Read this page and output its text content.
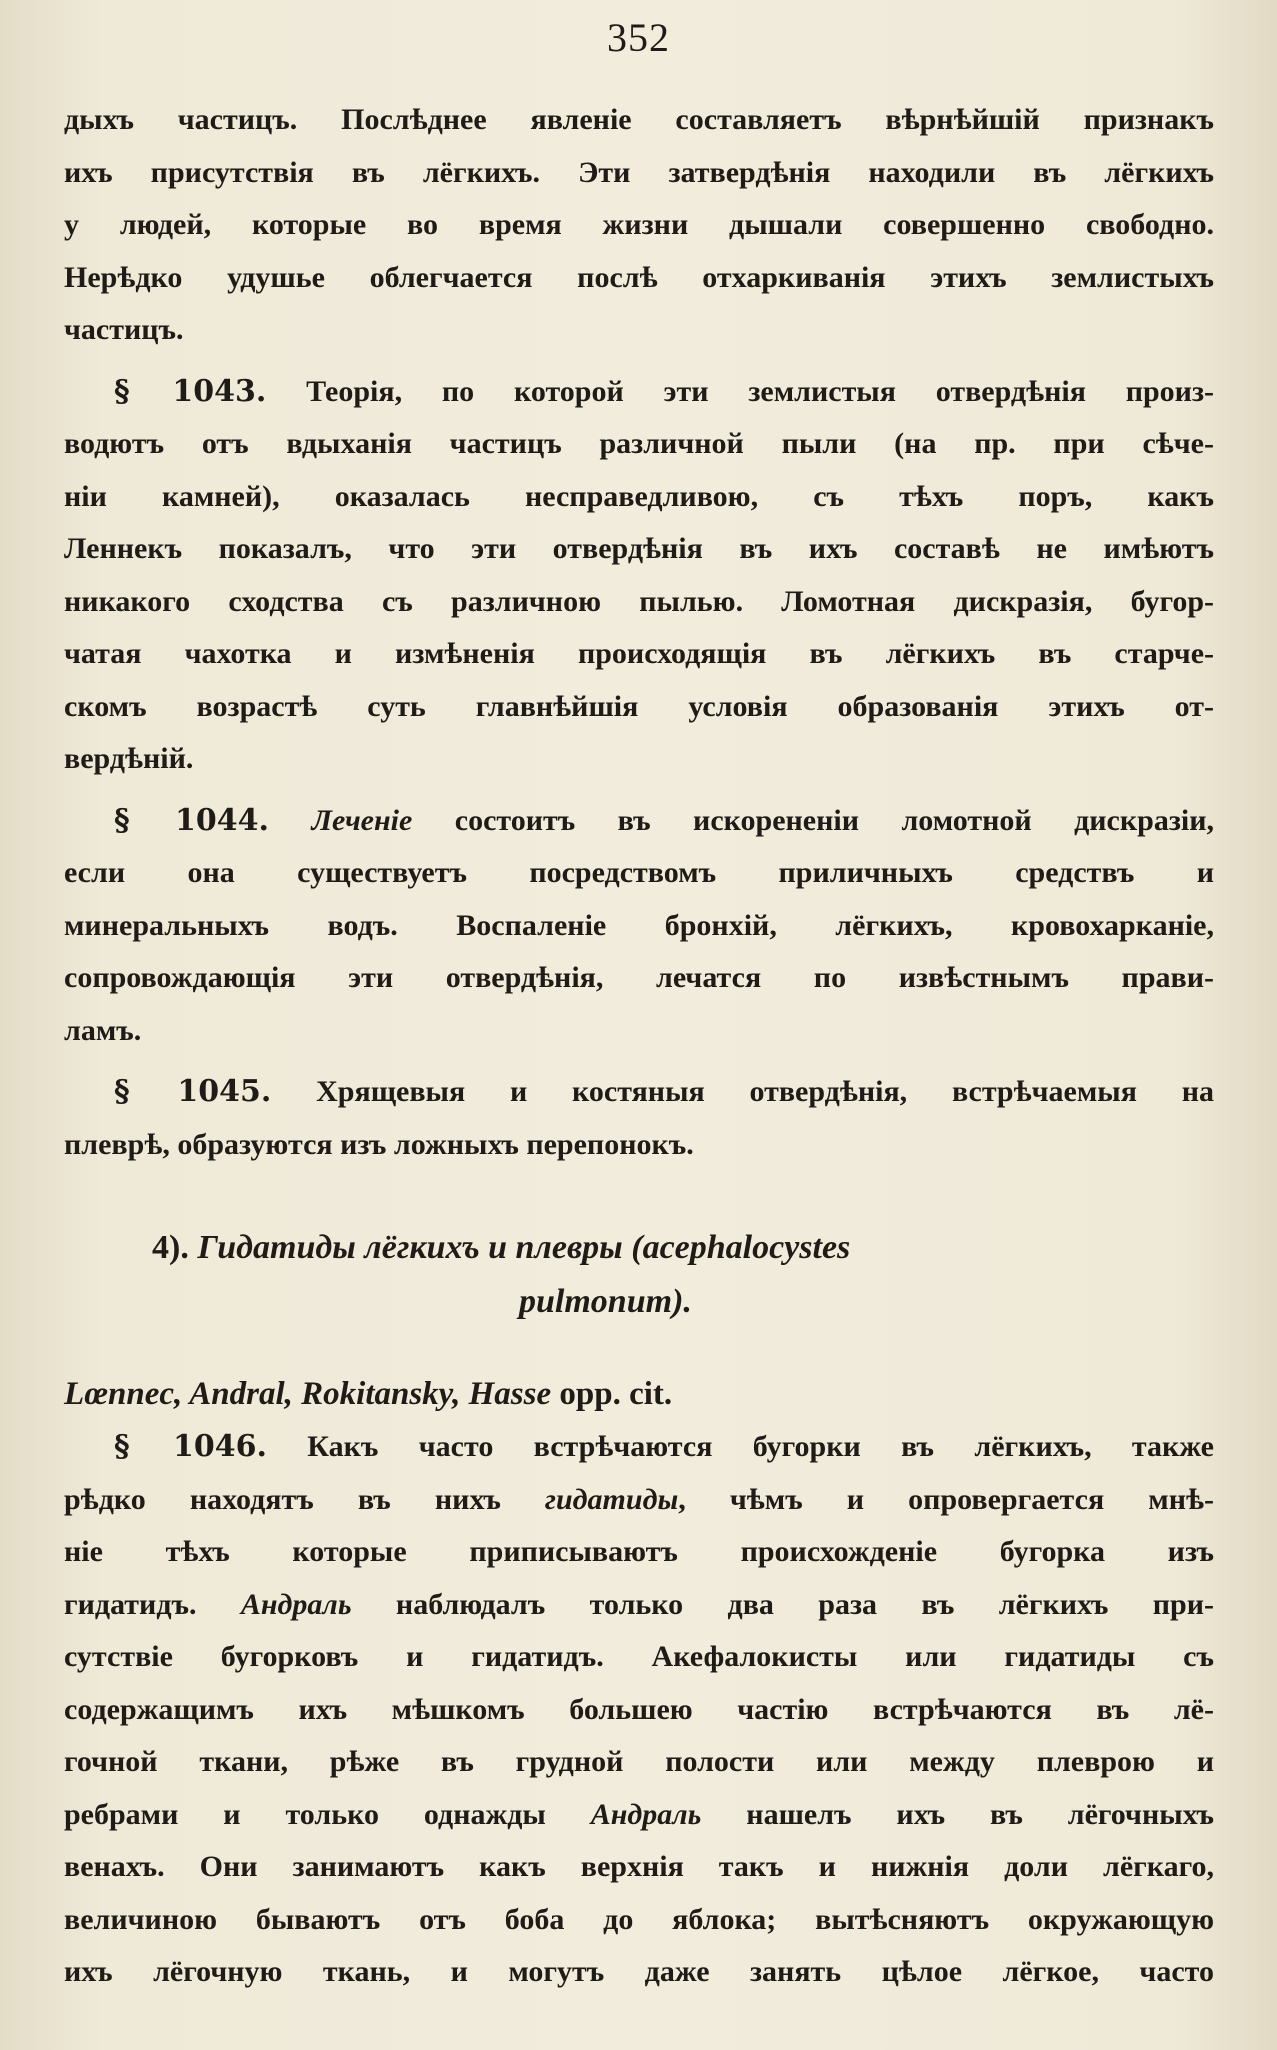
352
дыхъ частицъ. Послѣднее явленіе составляетъ вѣрнѣйшій признакъ
ихъ присутствія въ лёгкихъ. Эти затвердѣнія находили въ лёгкихъ
у людей, которые во время жизни дышали совершенно свободно.
Нерѣдко удушье облегчается послѣ отхаркиванія этихъ землистыхъ
частицъ.
§ 1043. Теорія, по которой эти землистыя отвердѣнія произ-
водютъ отъ вдыханія частицъ различной пыли (на пр. при сѣче-
ніи камней), оказалась несправедливою, съ тѣхъ поръ, какъ
Леннекъ показалъ, что эти отвердѣнія въ ихъ составѣ не имѣютъ
никакого сходства съ различною пылью. Ломотная дискразія, бугор-
чатая чахотка и измѣненія происходящія въ лёгкихъ въ старче-
скомъ возрастѣ суть главнѣйшія условія образованія этихъ от-
вердѣній.
§ 1044. Леченіе состоитъ въ искорененіи ломотной дискразіи,
если она существуетъ посредствомъ приличныхъ средствъ и
минеральныхъ водъ. Воспаленіе бронхій, лёгкихъ, кровохарканіе,
сопровождающія эти отвердѣнія, лечатся по извѣстнымъ прави-
ламъ.
§ 1045. Хрящевыя и костяныя отвердѣнія, встрѣчаемыя на
плеврѣ, образуются изъ ложныхъ перепонокъ.
4). Гидатиды лёгкихъ и плевры (acephalocystes
pulmonum).
Lœnnec, Andral, Rokitansky, Hasse opp. cit.
§ 1046. Какъ часто встрѣчаются бугорки въ лёгкихъ, также
рѣдко находятъ въ нихъ гидатиды, чѣмъ и опровергается мнѣ-
ніе тѣхъ которые приписываютъ происхожденіе бугорка изъ
гидатидъ. Андраль наблюдалъ только два раза въ лёгкихъ при-
сутствіе бугорковъ и гидатидъ. Акефалокисты или гидатиды съ
содержащимъ ихъ мѣшкомъ большею частію встрѣчаются въ лё-
гочной ткани, рѣже въ грудной полости или между плеврою и
ребрами и только однажды Андраль нашелъ ихъ въ лёгочныхъ
венахъ. Они занимаютъ какъ верхнія такъ и нижнія доли лёгкаго,
величиною бываютъ отъ боба до яблока; вытѣсняютъ окружающую
ихъ лёгочную ткань, и могутъ даже занять цѣлое лёгкое, часто
